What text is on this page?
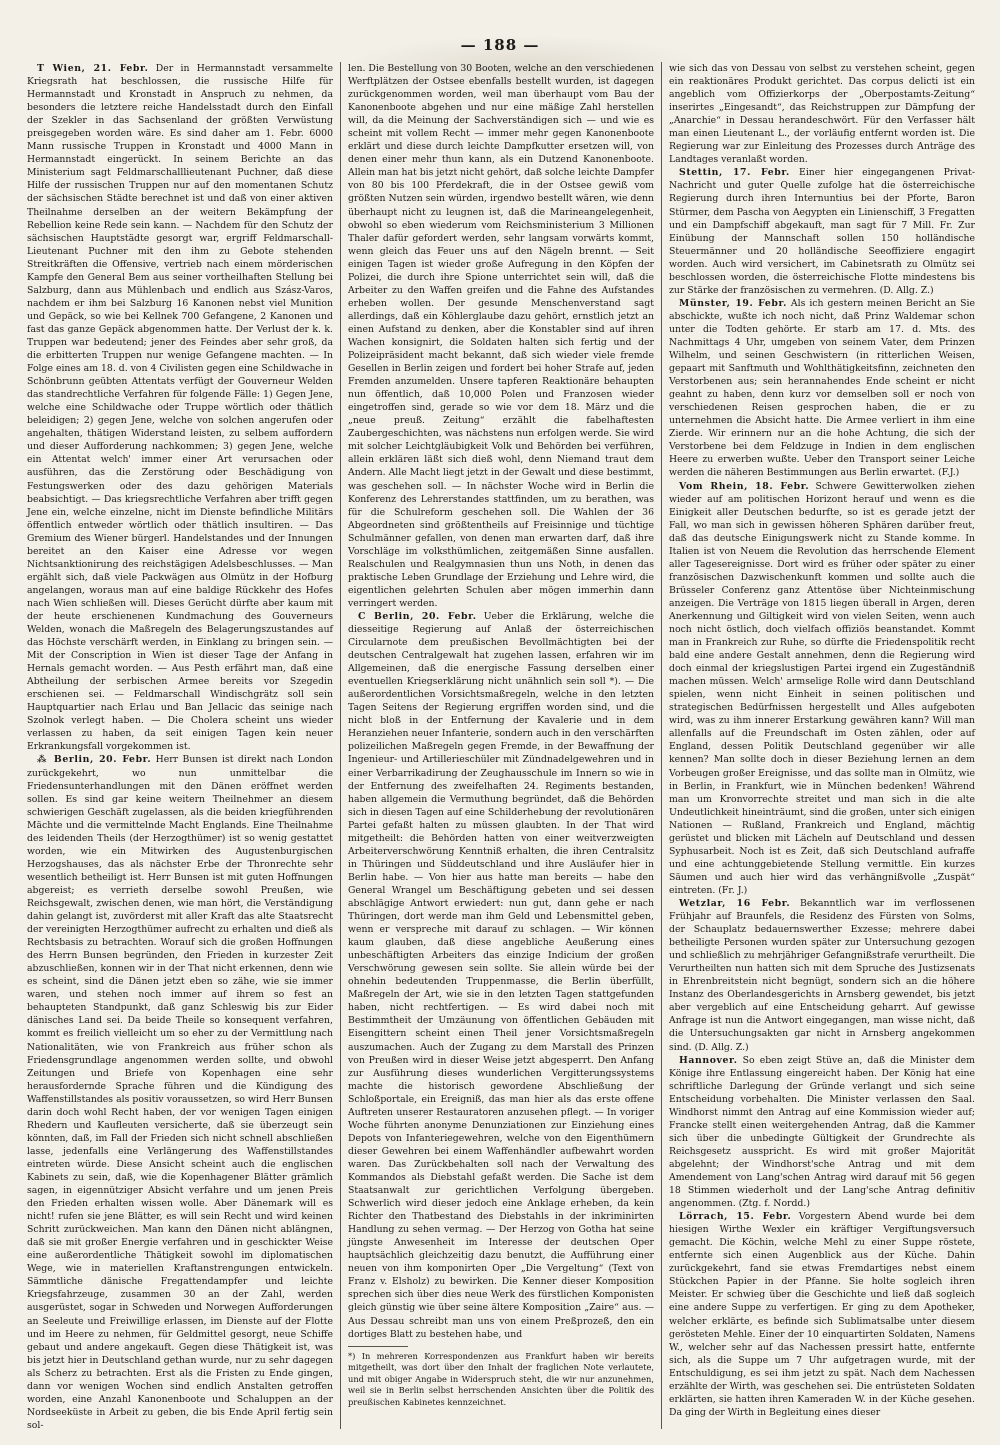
— 188 —

T Wien, 21. Febr. Der in Hermannstadt versammelte Kriegsrath hat beschlossen, die russische Hilfe für Hermannstadt und Kronstadt in Anspruch zu nehmen, da besonders die letztere reiche Handelsstadt durch den Einfall der Szekler in das Sachsenland der größten Verwüstung preisgegeben worden wäre. Es sind daher am 1. Febr. 6000 Mann russische Truppen in Kronstadt und 4000 Mann in Hermannstadt eingerückt. In seinem Berichte an das Ministerium sagt Feldmarschalllieutenant Puchner, daß diese Hilfe der russischen Truppen nur auf den momentanen Schutz der sächsischen Städte berechnet ist und daß von einer aktiven Theilnahme derselben an der weitern Bekämpfung der Rebellion keine Rede sein kann. — Nachdem für den Schutz der sächsischen Hauptstädte gesorgt war, ergriff Feldmarschall-Lieutenant Puchner mit den ihm zu Gebote stehenden Streitkräften die Offensive, vertrieb nach einem mörderischen Kampfe den General Bem aus seiner vortheilhaften Stellung bei Salzburg, dann aus Mühlenbach und endlich aus Szász-Varos, nachdem er ihm bei Salzburg 16 Kanonen nebst viel Munition und Gepäck, so wie bei Kellnek 700 Gefangene, 2 Kanonen und fast das ganze Gepäck abgenommen hatte. Der Verlust der k. k. Truppen war bedeutend; jener des Feindes aber sehr groß, da die erbitterten Truppen nur wenige Gefangene machten. — In Folge eines am 18. d. von 4 Civilisten gegen eine Schildwache in Schönbrunn geübten Attentats verfügt der Gouverneur Welden das standrechtliche Verfahren für folgende Fälle: 1) Gegen Jene, welche eine Schildwache oder Truppe wörtlich oder thätlich beleidigen; 2) gegen Jene, welche von solchen angerufen oder angehalten, thätigen Widerstand leisten, zu selbem auffordern und dieser Aufforderung nachkommen; 3) gegen Jene, welche ein Attentat welch' immer einer Art verursachen oder ausführen, das die Zerstörung oder Beschädigung von Festungswerken oder des dazu gehörigen Materials beabsichtigt. — Das kriegsrechtliche Verfahren aber trifft gegen Jene ein, welche einzelne, nicht im Dienste befindliche Militärs öffentlich entweder wörtlich oder thätlich insultiren. — Das Gremium des Wiener bürgerl. Handelstandes und der Innungen bereitet an den Kaiser eine Adresse vor wegen Nichtsanktionirung des reichstägigen Adelsbeschlusses. — Man ergählt sich, daß viele Packwägen aus Olmütz in der Hofburg angelangen, woraus man auf eine baldige Rückkehr des Hofes nach Wien schließen will. Dieses Gerücht dürfte aber kaum mit der heute erschienenen Kundmachung des Gouverneurs Welden, wonach die Maßregeln des Belagerungszustandes auf das Höchste verschärft werden, in Einklang zu bringen sein. — Mit der Conscription in Wien ist dieser Tage der Anfang in Hernals gemacht worden. — Aus Pesth erfährt man, daß eine Abtheilung der serbischen Armee bereits vor Szegedin erschienen sei. — Feldmarschall Windischgrätz soll sein Hauptquartier nach Erlau und Ban Jellacic das seinige nach Szolnok verlegt haben. — Die Cholera scheint uns wieder verlassen zu haben, da seit einigen Tagen kein neuer Erkrankungsfall vorgekommen ist.

⁂ Berlin, 20. Febr. Herr Bunsen ist direkt nach London zurückgekehrt, wo nun unmittelbar die Friedensunterhandlungen mit den Dänen eröffnet werden sollen. Es sind gar keine weitern Theilnehmer an diesem schwierigen Geschäft zugelassen, als die beiden kriegführenden Mächte und die vermittelnde Macht Englands. Eine Theilnahme des leidenden Theils (der Herzogthümer) ist so wenig gestattet worden, wie ein Mitwirken des Augustenburgischen Herzogshauses, das als nächster Erbe der Thronrechte sehr wesentlich betheiligt ist. Herr Bunsen ist mit guten Hoffnungen abgereist; es verrieth derselbe sowohl Preußen, wie Reichsgewalt, zwischen denen, wie man hört, die Verständigung dahin gelangt ist, zuvörderst mit aller Kraft das alte Staatsrecht der vereinigten Herzogthümer aufrecht zu erhalten und dieß als Rechtsbasis zu betrachten. Worauf sich die großen Hoffnungen des Herrn Bunsen begründen, den Frieden in kurzester Zeit abzuschließen, konnen wir in der That nicht erkennen, denn wie es scheint, sind die Dänen jetzt eben so zähe, wie sie immer waren, und stehen noch immer auf ihrem so fest an behaupteten Standpunkt, daß ganz Schleswig bis zur Eider dänisches Land sei. Da beide Theile so konsequent verfahren, kommt es freilich vielleicht um so eher zu der Vermittlung nach Nationalitäten, wie von Frankreich aus früher schon als Friedensgrundlage angenommen werden sollte, und obwohl Zeitungen und Briefe von Kopenhagen eine sehr herausfordernde Sprache führen und die Kündigung des Waffenstillstandes als positiv voraussetzen, so wird Herr Bunsen darin doch wohl Recht haben, der vor wenigen Tagen einigen Rhedern und Kaufleuten versicherte, daß sie überzeugt sein könnten, daß, im Fall der Frieden sich nicht schnell abschließen lasse, jedenfalls eine Verlängerung des Waffenstillstandes eintreten würde. Diese Ansicht scheint auch die englischen Kabinets zu sein, daß, wie die Kopenhagener Blätter grämlich sagen, in eigennütziger Absicht verfahre und um jenen Preis den Frieden erhalten wissen wolle. Aber Dänemark will es nicht! rufen sie jene Blätter, es will sein Recht und wird keinen Schritt zurückweichen. Man kann den Dänen nicht ablängnen, daß sie mit großer Energie verfahren und in geschickter Weise eine außerordentliche Thätigkeit sowohl im diplomatischen Wege, wie in materiellen Kraftanstrengungen entwickeln. Sämmtliche dänische Fregattendampfer und leichte Kriegsfahrzeuge, zusammen 30 an der Zahl, werden ausgerüstet, sogar in Schweden und Norwegen Aufforderungen an Seeleute und Freiwillige erlassen, im Dienste auf der Flotte und im Heere zu nehmen, für Geldmittel gesorgt, neue Schiffe gebaut und andere angekauft. Gegen diese Thätigkeit ist, was bis jetzt hier in Deutschland gethan wurde, nur zu sehr dagegen als Scherz zu betrachten. Erst als die Fristen zu Ende gingen, dann vor wenigen Wochen sind endlich Anstalten getroffen worden, eine Anzahl Kanonenboote und Schaluppen an der Nordseeküste in Arbeit zu geben, die bis Ende April fertig sein sol-

len. Die Bestellung von 30 Booten, welche an den verschiedenen Werftplätzen der Ostsee ebenfalls bestellt wurden, ist dagegen zurückgenommen worden, weil man überhaupt vom Bau der Kanonenboote abgehen und nur eine mäßige Zahl herstellen will, da die Meinung der Sachverständigen sich — und wie es scheint mit vollem Recht — immer mehr gegen Kanonenboote erklärt und diese durch leichte Dampfkutter ersetzen will, von denen einer mehr thun kann, als ein Dutzend Kanonenboote. Allein man hat bis jetzt nicht gehört, daß solche leichte Dampfer von 80 bis 100 Pferdekraft, die in der Ostsee gewiß vom größten Nutzen sein würden, irgendwo bestellt wären, wie denn überhaupt nicht zu leugnen ist, daß die Marineangelegenheit, obwohl so eben wiederum vom Reichsministerium 3 Millionen Thaler dafür gefordert werden, sehr langsam vorwärts kommt, wenn gleich das Feuer uns auf den Nägeln brennt. — Seit einigen Tagen ist wieder große Aufregung in den Köpfen der Polizei, die durch ihre Spione unterrichtet sein will, daß die Arbeiter zu den Waffen greifen und die Fahne des Aufstandes erheben wollen. Der gesunde Menschenverstand sagt allerdings, daß ein Köhlerglaube dazu gehört, ernstlich jetzt an einen Aufstand zu denken, aber die Konstabler sind auf ihren Wachen konsignirt, die Soldaten halten sich fertig und der Polizeipräsident macht bekannt, daß sich wieder viele fremde Gesellen in Berlin zeigen und fordert bei hoher Strafe auf, jeden Fremden anzumelden. Unsere tapferen Reaktionäre behaupten nun öffentlich, daß 10,000 Polen und Franzosen wieder eingetroffen sind, gerade so wie vor dem 18. März und die „neue preuß. Zeitung“ erzählt die fabelhaftesten Zaubergeschichten, was nächstens nun erfolgen werde. Sie wird mit solcher Leichtgläubigkeit Volk und Behörden bei verführen, allein erklären läßt sich dieß wohl, denn Niemand traut dem Andern. Alle Macht liegt jetzt in der Gewalt und diese bestimmt, was geschehen soll. — In nächster Woche wird in Berlin die Konferenz des Lehrerstandes stattfinden, um zu berathen, was für die Schulreform geschehen soll. Die Wahlen der 36 Abgeordneten sind größtentheils auf Freisinnige und tüchtige Schulmänner gefallen, von denen man erwarten darf, daß ihre Vorschläge im volksthümlichen, zeitgemäßen Sinne ausfallen. Realschulen und Realgymnasien thun uns Noth, in denen das praktische Leben Grundlage der Erziehung und Lehre wird, die eigentlichen gelehrten Schulen aber mögen immerhin dann verringert werden.

C Berlin, 20. Febr. Ueber die Erklärung, welche die diesseitige Regierung auf Anlaß der österreichischen Circularnote dem preußischen Bevollmächtigten bei der deutschen Centralgewalt hat zugehen lassen, erfahren wir im Allgemeinen, daß die energische Fassung derselben einer eventuellen Kriegserklärung nicht unähnlich sein soll *). — Die außerordentlichen Vorsichtsmaßregeln, welche in den letzten Tagen Seitens der Regierung ergriffen worden sind, und die nicht bloß in der Entfernung der Kavalerie und in dem Heranziehen neuer Infanterie, sondern auch in den verschärften polizeilichen Maßregeln gegen Fremde, in der Bewaffnung der Ingenieur- und Artillerieschüler mit Zündnadelgewehren und in einer Verbarrikadirung der Zeughausschule im Innern so wie in der Entfernung des zweifelhaften 24. Regiments bestanden, haben allgemein die Vermuthung begründet, daß die Behörden sich in diesen Tagen auf eine Schilderhebung der revolutionären Partei gefaßt halten zu müssen glaubten. In der That wird mitgetheilt: die Behörden hatten von einer weitverzweigten Arbeiterverschwörung Kenntniß erhalten, die ihren Centralsitz in Thüringen und Süddeutschland und ihre Ausläufer hier in Berlin habe. — Von hier aus hatte man bereits — habe den General Wrangel um Beschäftigung gebeten und sei dessen abschlägige Antwort erwiedert: nun gut, dann gehe er nach Thüringen, dort werde man ihm Geld und Lebensmittel geben, wenn er verspreche mit darauf zu schlagen. — Wir können kaum glauben, daß diese angebliche Aeußerung eines unbeschäftigten Arbeiters das einzige Indicium der großen Verschwörung gewesen sein sollte. Sie allein würde bei der ohnehin bedeutenden Truppenmasse, die Berlin überfüllt, Maßregeln der Art, wie sie in den letzten Tagen stattgefunden haben, nicht rechtfertigen. — Es wird dabei noch mit Bestimmtheit der Umzäunung von öffentlichen Gebäuden mit Eisengittern scheint einen Theil jener Vorsichtsmaßregeln auszumachen. Auch der Zugang zu dem Marstall des Prinzen von Preußen wird in dieser Weise jetzt abgesperrt. Den Anfang zur Ausführung dieses wunderlichen Vergitterungssystems machte die historisch gewordene Abschließung der Schloßportale, ein Ereigniß, das man hier als das erste offene Auftreten unserer Restauratoren anzusehen pflegt. — In voriger Woche führten anonyme Denunziationen zur Einziehung eines Depots von Infanteriegewehren, welche von den Eigenthümern dieser Gewehren bei einem Waffenhändler aufbewahrt worden waren. Das Zurückbehalten soll nach der Verwaltung des Kommandos als Diebstahl gefaßt werden. Die Sache ist dem Staatsanwalt zur gerichtlichen Verfolgung übergeben. Schwerlich wird dieser jedoch eine Anklage erheben, da kein Richter den Thatbestand des Diebstahls in der inkriminirten Handlung zu sehen vermag. — Der Herzog von Gotha hat seine jüngste Anwesenheit im Interesse der deutschen Oper hauptsächlich gleichzeitig dazu benutzt, die Aufführung einer neuen von ihm komponirten Oper „Die Vergeltung“ (Text von Franz v. Elsholz) zu bewirken. Die Kenner dieser Komposition sprechen sich über dies neue Werk des fürstlichen Komponisten gleich günstig wie über seine ältere Komposition „Zaire“ aus. — Aus Dessau schreibt man uns von einem Preßprozeß, den ein dortiges Blatt zu bestehen habe, und

*) In mehreren Korrespondenzen aus Frankfurt haben wir bereits mitgetheilt, was dort über den Inhalt der fraglichen Note verlautete, und mit obiger Angabe in Widerspruch steht, die wir nur anzunehmen, weil sie in Berlin selbst herrschenden Ansichten über die Politik des preußischen Kabinetes kennzeichnet.

wie sich das von Dessau von selbst zu verstehen scheint, gegen ein reaktionäres Produkt gerichtet. Das corpus delicti ist ein angeblich vom Offizierkorps der „Oberpostamts-Zeitung“ inserirtes „Eingesandt“, das Reichstruppen zur Dämpfung der „Anarchie“ in Dessau herandeschwört. Für den Verfasser hält man einen Lieutenant L., der vorläufig entfernt worden ist. Die Regierung war zur Einleitung des Prozesses durch Anträge des Landtages veranlaßt worden.

Stettin, 17. Febr. Einer hier eingegangenen Privat-Nachricht und guter Quelle zufolge hat die österreichische Regierung durch ihren Internuntius bei der Pforte, Baron Stürmer, dem Pascha von Aegypten ein Linienschiff, 3 Fregatten und ein Dampfschiff abgekauft, man sagt für 7 Mill. Fr. Zur Einübung der Mannschaft sollen 150 holländische Steuermänner und 20 holländische Seeoffiziere engagirt worden. Auch wird versichert, im Cabinetsrath zu Olmütz sei beschlossen worden, die österreichische Flotte mindestens bis zur Stärke der französischen zu vermehren. (D. Allg. Z.)

Münster, 19. Febr. Als ich gestern meinen Bericht an Sie abschickte, wußte ich noch nicht, daß Prinz Waldemar schon unter die Todten gehörte. Er starb am 17. d. Mts. des Nachmittags 4 Uhr, umgeben von seinem Vater, dem Prinzen Wilhelm, und seinen Geschwistern (in ritterlichen Weisen, gepaart mit Sanftmuth und Wohlthätigkeitsfinn, zeichneten den Verstorbenen aus; sein herannahendes Ende scheint er nicht geahnt zu haben, denn kurz vor demselben soll er noch von verschiedenen Reisen gesprochen haben, die er zu unternehmen die Absicht hatte. Die Armee verliert in ihm eine Zierde. Wir erinnern nur an die hohe Achtung, die sich der Verstorbene bei dem Feldzuge in Indien in dem englischen Heere zu erwerben wußte. Ueber den Transport seiner Leiche werden die näheren Bestimmungen aus Berlin erwartet. (F.J.)

Vom Rhein, 18. Febr. Schwere Gewitterwolken ziehen wieder auf am politischen Horizont herauf und wenn es die Einigkeit aller Deutschen bedurfte, so ist es gerade jetzt der Fall, wo man sich in gewissen höheren Sphären darüber freut, daß das deutsche Einigungswerk nicht zu Stande komme. In Italien ist von Neuem die Revolution das herrschende Element aller Tagesereignisse. Dort wird es früher oder später zu einer französischen Dazwischenkunft kommen und sollte auch die Brüsseler Conferenz ganz Attentöse über Nichteinmischung anzeigen. Die Verträge von 1815 liegen überall in Argen, deren Anerkennung und Giltigkeit wird von vielen Seiten, wenn auch noch nicht östlich, doch vielfach offiziös beanstandet. Kommt man in Frankreich zur Ruhe, so dürfte die Friedenspolitik recht bald eine andere Gestalt annehmen, denn die Regierung wird doch einmal der kriegslustigen Partei irgend ein Zugeständniß machen müssen. Welch' armselige Rolle wird dann Deutschland spielen, wenn nicht Einheit in seinen politischen und strategischen Bedürfnissen hergestellt und Alles aufgeboten wird, was zu ihm innerer Erstarkung gewähren kann? Will man allenfalls auf die Freundschaft im Osten zählen, oder auf England, dessen Politik Deutschland gegenüber wir alle kennen? Man sollte doch in dieser Beziehung lernen an dem Vorbeugen großer Ereignisse, und das sollte man in Olmütz, wie in Berlin, in Frankfurt, wie in München bedenken! Während man um Kronvorrechte streitet und man sich in die alte Undeutlichkeit hineinträumt, sind die großen, unter sich einigen Nationen — Rußland, Frankreich und England, mächtig gerüstet und blicken mit Lächeln auf Deutschland und dessen Syphusarbeit. Noch ist es Zeit, daß sich Deutschland aufraffe und eine achtunggebietende Stellung vermittle. Ein kurzes Säumen und auch hier wird das verhängnißvolle „Zuspät“ eintreten. (Fr. J.)

Wetzlar, 16 Febr. Bekanntlich war im verflossenen Frühjahr auf Braunfels, die Residenz des Fürsten von Solms, der Schauplatz bedauernswerther Exzesse; mehrere dabei betheiligte Personen wurden später zur Untersuchung gezogen und schließlich zu mehrjähriger Gefangnißstrafe verurtheilt. Die Verurtheilten nun hatten sich mit dem Spruche des Justizsenats in Ehrenbreitstein nicht begnügt, sondern sich an die höhere Instanz des Oberlandesgerichts in Arnsberg gewendet, bis jetzt aber vergeblich auf eine Entscheidung geharrt. Auf gewisse Anfrage ist nun die Antwort eingegangen, man wisse nicht, daß die Untersuchungsakten gar nicht in Arnsberg angekommen sind. (D. Allg. Z.)

Hannover. So eben zeigt Stüve an, daß die Minister dem Könige ihre Entlassung eingereicht haben. Der König hat eine schriftliche Darlegung der Gründe verlangt und sich seine Entscheidung vorbehalten. Die Minister verlassen den Saal. Windhorst nimmt den Antrag auf eine Kommission wieder auf; Francke stellt einen weitergehenden Antrag, daß die Kammer sich über die unbedingte Gültigkeit der Grundrechte als Reichsgesetz ausspricht. Es wird mit großer Majorität abgelehnt; der Windhorst'sche Antrag und mit dem Amendement von Lang'schen Antrag wird darauf mit 56 gegen 18 Stimmen wiederholt und der Lang'sche Antrag definitiv angenommen. (Ztg. f. Nordd.)

Lörrach, 15. Febr. Vorgestern Abend wurde bei dem hiesigen Wirthe Wexler ein kräftiger Vergiftungsversuch gemacht. Die Köchin, welche Mehl zu einer Suppe röstete, entfernte sich einen Augenblick aus der Küche. Dahin zurückgekehrt, fand sie etwas Fremdartiges nebst einem Stückchen Papier in der Pfanne. Sie holte sogleich ihren Meister. Er schwieg über die Geschichte und ließ daß sogleich eine andere Suppe zu verfertigen. Er ging zu dem Apotheker, welcher erklärte, es befinde sich Sublimatsalbe unter diesem gerösteten Mehle. Einer der 10 einquartirten Soldaten, Namens W., welcher sehr auf das Nachessen pressirt hatte, entfernte sich, als die Suppe um 7 Uhr aufgetragen wurde, mit der Entschuldigung, es sei ihm jetzt zu spät. Nach dem Nachessen erzählte der Wirth, was geschehen sei. Die entrüsteten Soldaten erklärten, sie hatten ihren Kameraden W. in der Küche gesehen. Da ging der Wirth in Begleitung eines dieser
